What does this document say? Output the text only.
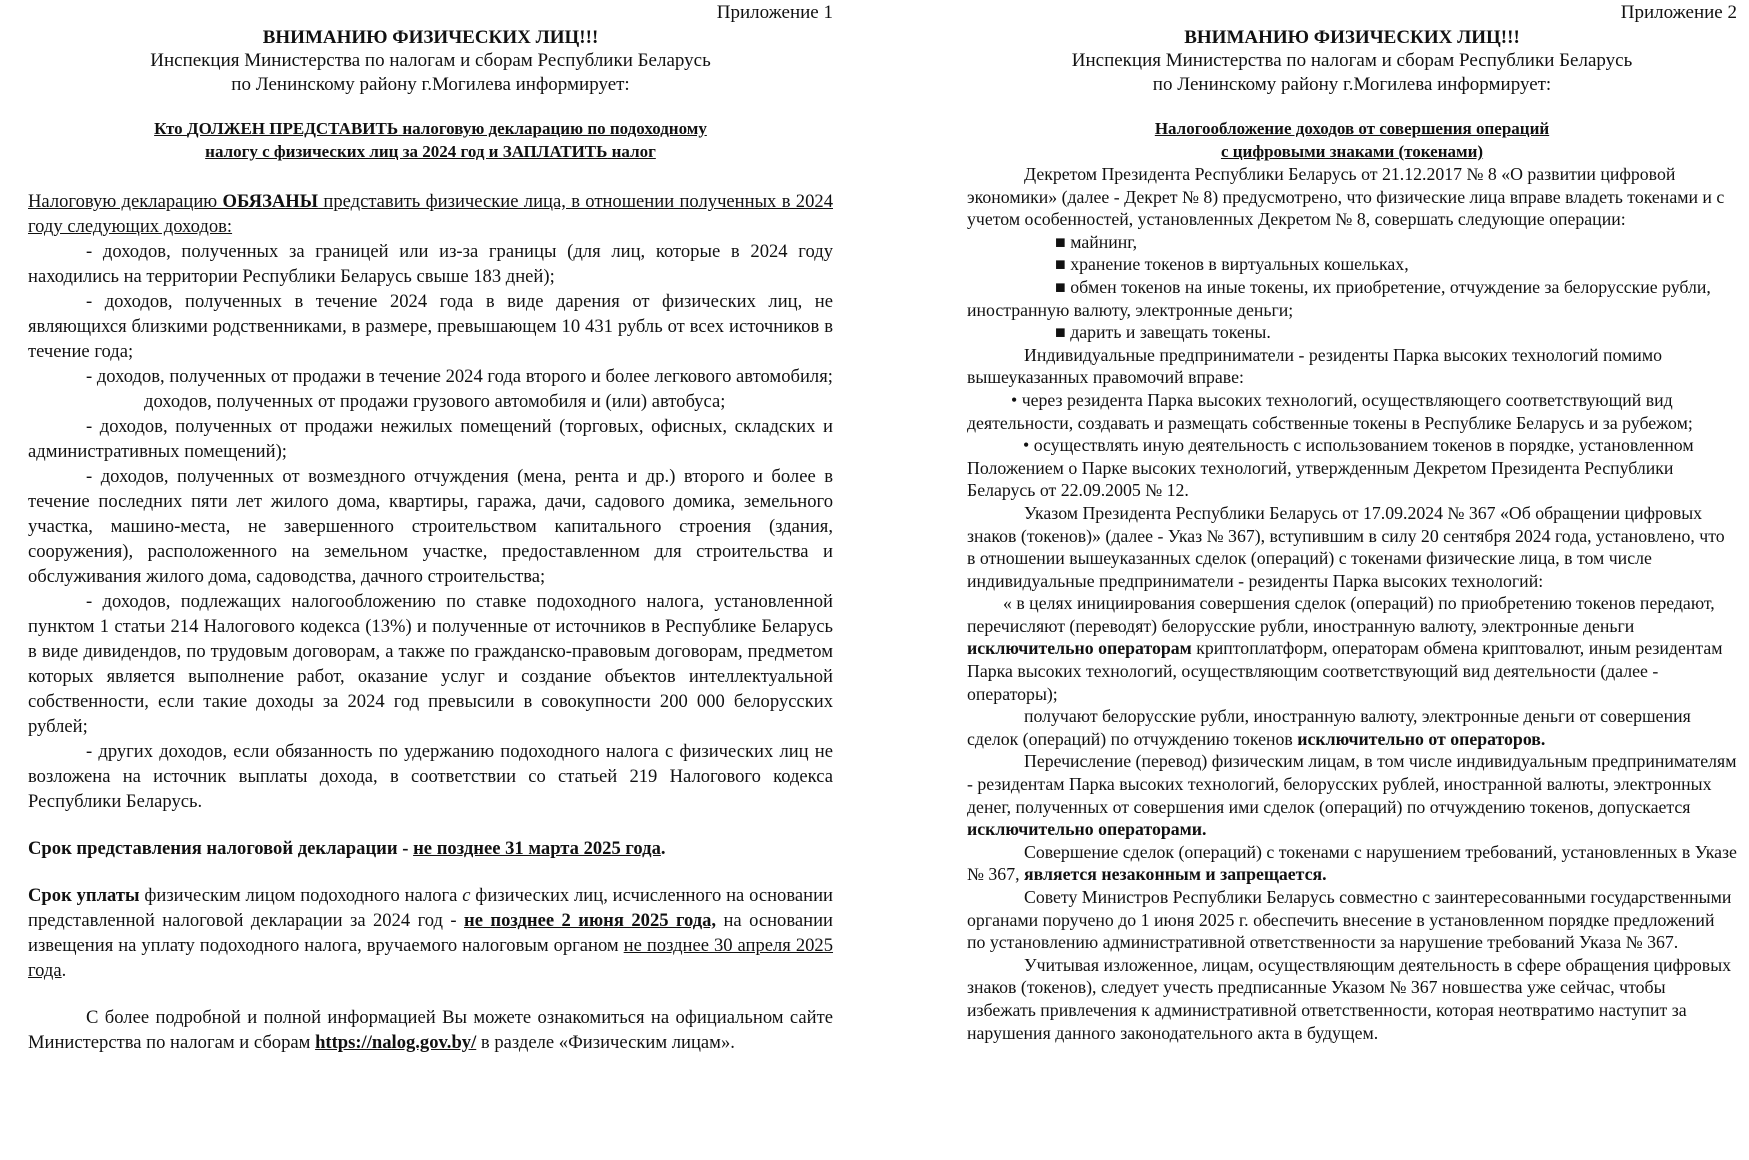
Приложение 1
ВНИМАНИЮ ФИЗИЧЕСКИХ ЛИЦ!!!
Инспекция Министерства по налогам и сборам Республики Беларусь
по Ленинскому району г.Могилева информирует:
Кто ДОЛЖЕН ПРЕДСТАВИТЬ налоговую декларацию по подоходному
налогу с физических лиц за 2024 год и ЗАПЛАТИТЬ налог
Налоговую декларацию ОБЯЗАНЫ представить физические лица, в отношении полученных в 2024 году следующих доходов:
- доходов, полученных за границей или из-за границы (для лиц, которые в 2024 году находились на территории Республики Беларусь свыше 183 дней);
- доходов, полученных в течение 2024 года в виде дарения от физических лиц, не являющихся близкими родственниками, в размере, превышающем 10 431 рубль от всех источников в течение года;
- доходов, полученных от продажи в течение 2024 года второго и более легкового автомобиля;
доходов, полученных от продажи грузового автомобиля и (или) автобуса;
- доходов, полученных от продажи нежилых помещений (торговых, офисных, складских и административных помещений);
- доходов, полученных от возмездного отчуждения (мена, рента и др.) второго и более в течение последних пяти лет жилого дома, квартиры, гаража, дачи, садового домика, земельного участка, машино-места, не завершенного строительством капитального строения (здания, сооружения), расположенного на земельном участке, предоставленном для строительства и обслуживания жилого дома, садоводства, дачного строительства;
- доходов, подлежащих налогообложению по ставке подоходного налога, установленной пунктом 1 статьи 214 Налогового кодекса (13%) и полученные от источников в Республике Беларусь в виде дивидендов, по трудовым договорам, а также по гражданско-правовым договорам, предметом которых является выполнение работ, оказание услуг и создание объектов интеллектуальной собственности, если такие доходы за 2024 год превысили в совокупности 200 000 белорусских рублей;
- других доходов, если обязанность по удержанию подоходного налога с физических лиц не возложена на источник выплаты дохода, в соответствии со статьей 219 Налогового кодекса Республики Беларусь.
Срок представления налоговой декларации - не позднее 31 марта 2025 года.
Срок уплаты физическим лицом подоходного налога с физических лиц, исчисленного на основании представленной налоговой декларации за 2024 год - не позднее 2 июня 2025 года, на основании извещения на уплату подоходного налога, вручаемого налоговым органом не позднее 30 апреля 2025 года.
С более подробной и полной информацией Вы можете ознакомиться на официальном сайте Министерства по налогам и сборам https://nalog.gov.by/ в разделе «Физическим лицам».
Приложение 2
ВНИМАНИЮ ФИЗИЧЕСКИХ ЛИЦ!!!
Инспекция Министерства по налогам и сборам Республики Беларусь
по Ленинскому району г.Могилева информирует:
Налогообложение доходов от совершения операций
с цифровыми знаками (токенами)
Декретом Президента Республики Беларусь от 21.12.2017 № 8 «О развитии цифровой экономики» (далее - Декрет № 8) предусмотрено, что физические лица вправе владеть токенами и с учетом особенностей, установленных Декретом № 8, совершать следующие операции:
■ майнинг,
■ хранение токенов в виртуальных кошельках,
■ обмен токенов на иные токены, их приобретение, отчуждение за белорусские рубли, иностранную валюту, электронные деньги;
■ дарить и завещать токены.
Индивидуальные предприниматели - резиденты Парка высоких технологий помимо вышеуказанных правомочий вправе:
• через резидента Парка высоких технологий, осуществляющего соответствующий вид деятельности, создавать и размещать собственные токены в Республике Беларусь и за рубежом;
• осуществлять иную деятельность с использованием токенов в порядке, установленном Положением о Парке высоких технологий, утвержденным Декретом Президента Республики Беларусь от 22.09.2005 № 12.
Указом Президента Республики Беларусь от 17.09.2024 № 367 «Об обращении цифровых знаков (токенов)» (далее - Указ № 367), вступившим в силу 20 сентября 2024 года, установлено, что в отношении вышеуказанных сделок (операций) с токенами физические лица, в том числе индивидуальные предприниматели - резиденты Парка высоких технологий:
« в целях инициирования совершения сделок (операций) по приобретению токенов передают, перечисляют (переводят) белорусские рубли, иностранную валюту, электронные деньги исключительно операторам криптоплатформ, операторам обмена криптовалют, иным резидентам Парка высоких технологий, осуществляющим соответствующий вид деятельности (далее - операторы);
получают белорусские рубли, иностранную валюту, электронные деньги от совершения сделок (операций) по отчуждению токенов исключительно от операторов.
Перечисление (перевод) физическим лицам, в том числе индивидуальным предпринимателям - резидентам Парка высоких технологий, белорусских рублей, иностранной валюты, электронных денег, полученных от совершения ими сделок (операций) по отчуждению токенов, допускается исключительно операторами.
Совершение сделок (операций) с токенами с нарушением требований, установленных в Указе № 367, является незаконным и запрещается.
Совету Министров Республики Беларусь совместно с заинтересованными государственными органами поручено до 1 июня 2025 г. обеспечить внесение в установленном порядке предложений по установлению административной ответственности за нарушение требований Указа № 367.
Учитывая изложенное, лицам, осуществляющим деятельность в сфере обращения цифровых знаков (токенов), следует учесть предписанные Указом № 367 новшества уже сейчас, чтобы избежать привлечения к административной ответственности, которая неотвратимо наступит за нарушения данного законодательного акта в будущем.
